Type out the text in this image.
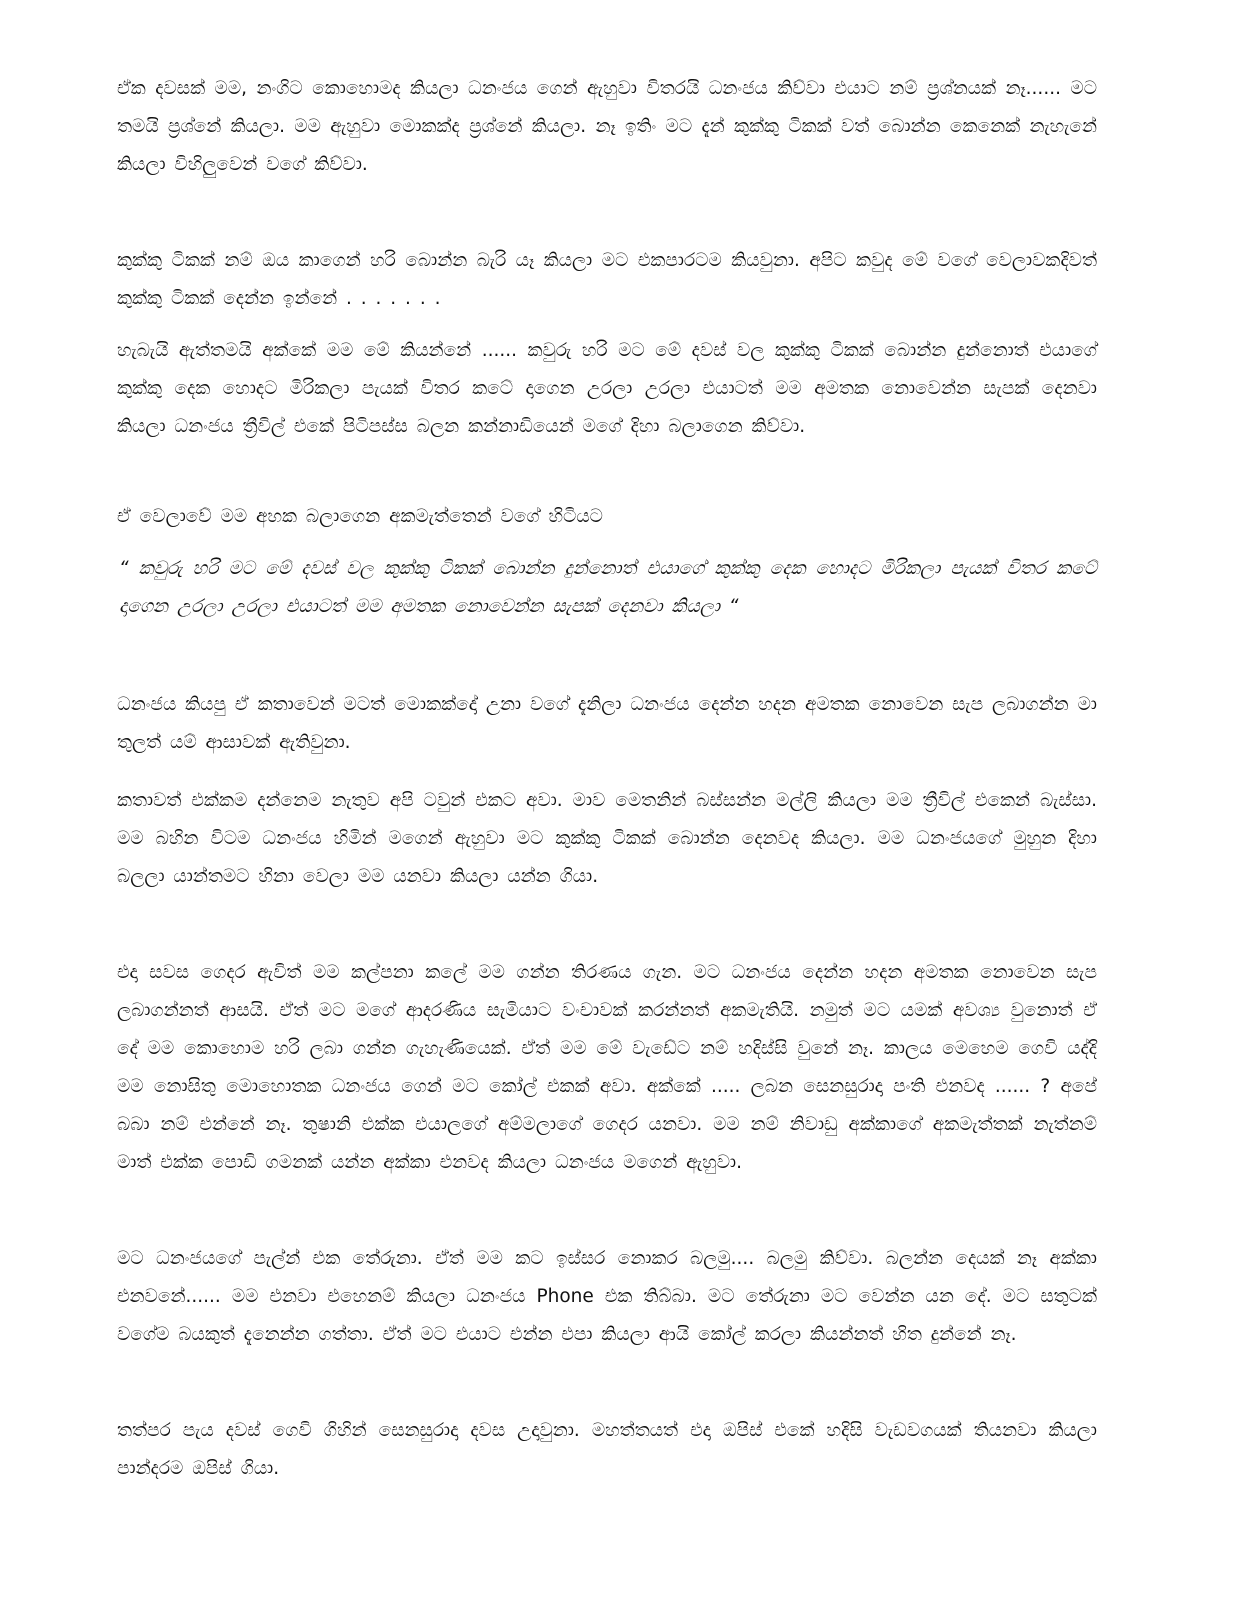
ඒක දවසක් මම, නංගිට කොහොමද කියලා ධනංජය ගෙන් ඇහුවා විතරයි ධනංජය කිව්වා එයාට නම් ප්‍රශ්නයක් නෑ...... මට තමයි ප්‍රශ්නේ කියලා. මම ඇහුවා මොකක්ද ප්‍රශ්නේ කියලා. නෑ ඉතිං මට දැන් කුක්කු ටිකක් වත් බොන්න කෙනෙක් නැහැනේ කියලා විහිලුවෙන් වගේ කිව්වා.

කුක්කු ටිකක් නම් ඔය කාගෙන් හරි බොන්න බැරි යෑ කියලා මට එකපාරටම කියවුනා. අපිට කවුද මේ වගේ වෙලාවකදිවත් කුක්කු ටිකක් දෙන්න ඉන්නේ . . . . . . .

හැබැයි ඇත්තමයි අක්කේ මම මේ කියන්නේ ...... කවුරු හරි මට මේ දවස් වල කුක්කු ටිකක් බොන්න දුන්නොත් එයාගේ කුක්කු දෙක හොදට මිරිකලා පැයක් විතර කටේ දාගෙන උරලා උරලා එයාටත් මම අමතක නොවෙන්න සැපක් දෙනවා කියලා ධනංජය ත්‍රීවිල් එකේ පිටිපස්ස බලන කන්නාඩියෙන් මගේ දිහා බලාගෙන කිව්වා.

ඒ වෙලාවේ මම අහක බලාගෙන අකමැත්තෙන් වගේ හිටියට

“ කවුරු හරි මට මේ දවස් වල කුක්කු ටිකක් බොන්න දුන්නොත් එයාගේ කුක්කු දෙක හොදට මිරිකලා පැයක් විතර කටේ දාගෙන උරලා උරලා එයාටත් මම අමතක නොවෙන්න සැපක් දෙනවා කියලා “

ධනංජය කියපු ඒ කතාවෙන් මටත් මොකක්දෝ උනා වගේ දැනිලා ධනංජය දෙන්න හදන අමතක නොවෙන සැප ලබාගන්න මා තුලත් යම් ආසාවක් ඇතිවුනා.

කතාවත් එක්කම දන්නෙම නැතුව අපි ටවුන් එකට අවා. මාව මෙතනින් බස්සන්න මල්ලි කියලා මම ත්‍රීවිල් එකෙන් බැස්සා. මම බහින විටම ධනංජය හිමින් මගෙන් ඇහුවා මට කුක්කු ටිකක් බොන්න දෙනවද කියලා. මම ධනංජයගේ මුහුන දිහා බලලා යාන්තමට හිනා වෙලා මම යනවා කියලා යන්න ගියා.

එදා සවස ගෙදර ඇවිත් මම කල්පනා කලේ මම ගන්න තිරණය ගැන. මට ධනංජය දෙන්න හදන අමතක නොවෙන සැප ලබාගන්නත් ආසයි. ඒත් මට මගේ ආදරණිය සැමියාට වංචාවක් කරන්නත් අකමැතියි. නමුත් මට යමක් අවශ්‍ය වුනොත් ඒ දේ මම කොහොම හරි ලබා ගන්න ගැහැණියෙක්. ඒත් මම මේ වැඩේට නම් හදිස්සි වුනේ නෑ. කාලය මෙහෙම ගෙවි යද්දි මම නොසිතු මොහොතක ධනංජය ගෙන් මට කෝල් එකක් අවා. අක්කේ ..... ලබන සෙනසුරාදා පංති එනවද ...... ? අපේ බබා නම් එන්නේ නෑ. තුෂානි එක්ක එයාලගේ අම්මලාගේ ගෙදර යනවා. මම නම් නිවාඩු අක්කාගේ අකමැත්තක් නැත්නම් මාත් එක්ක පොඩි ගමනක් යන්න අක්කා එනවද කියලා ධනංජය මගෙන් ඇහුවා.

මට ධනංජයගේ පැල්න් එක තේරුනා. ඒත් මම කට ඉස්සර නොකර බලමු.... බලමු කිව්වා. බලන්න දෙයක් නෑ අක්කා එනවනේ...... මම එනවා එහෙනම් කියලා ධනංජය Phone එක තිබ්බා. මට තේරුනා මට වෙන්න යන දේ. මට සතුටක් වගේම බයකුත් දැනෙන්න ගත්තා. ඒත් මට එයාට එන්න එපා කියලා ආයි කෝල් කරලා කියන්නත් හිත දුන්නේ නෑ.

තත්පර පැය දවස් ගෙවි ගිහින් සෙනසුරාදා දවස උදාවුනා. මහත්තයත් එදා ඔපිස් එකේ හදිසි වැඩවගයක් තියනවා කියලා පාන්දරම ඔපිස් ගියා.
